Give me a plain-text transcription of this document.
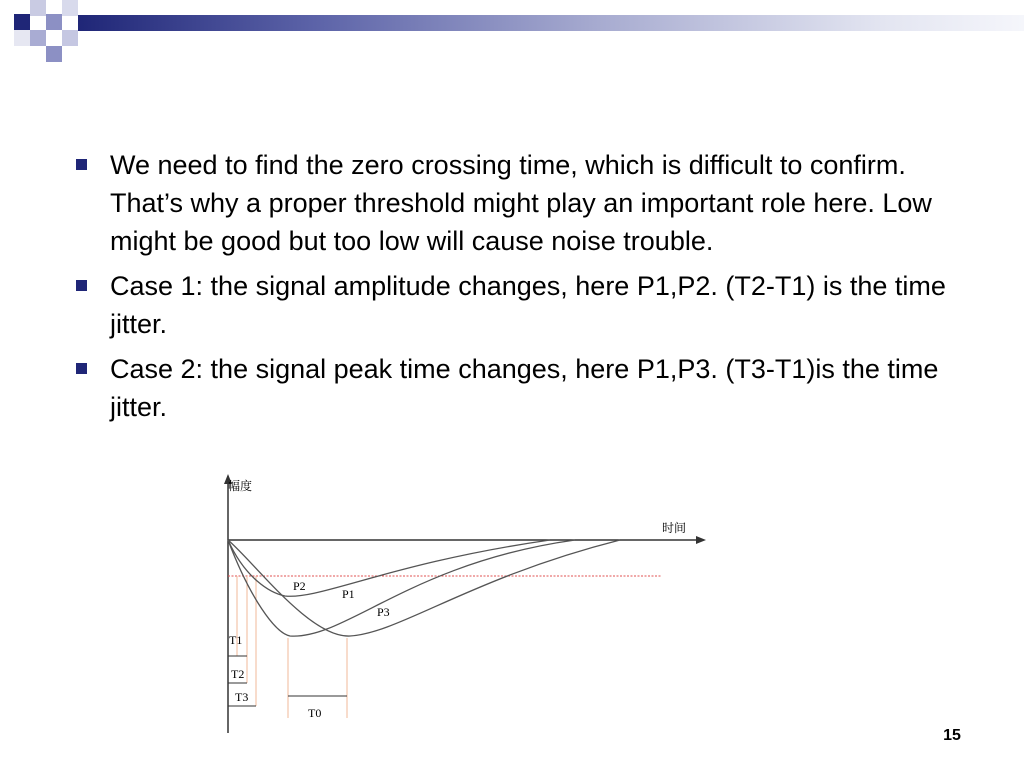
We need to find the zero crossing time, which is difficult to confirm. That’s why a proper threshold might play an important role here. Low might be good but too low will cause noise trouble.
Case 1: the signal amplitude changes, here P1,P2. (T2-T1) is the time jitter.
Case 2: the signal peak time changes, here P1,P3. (T3-T1)is the time jitter.
幅度
时间
P2
P1
P3
T1
T2
T3
T0
15
